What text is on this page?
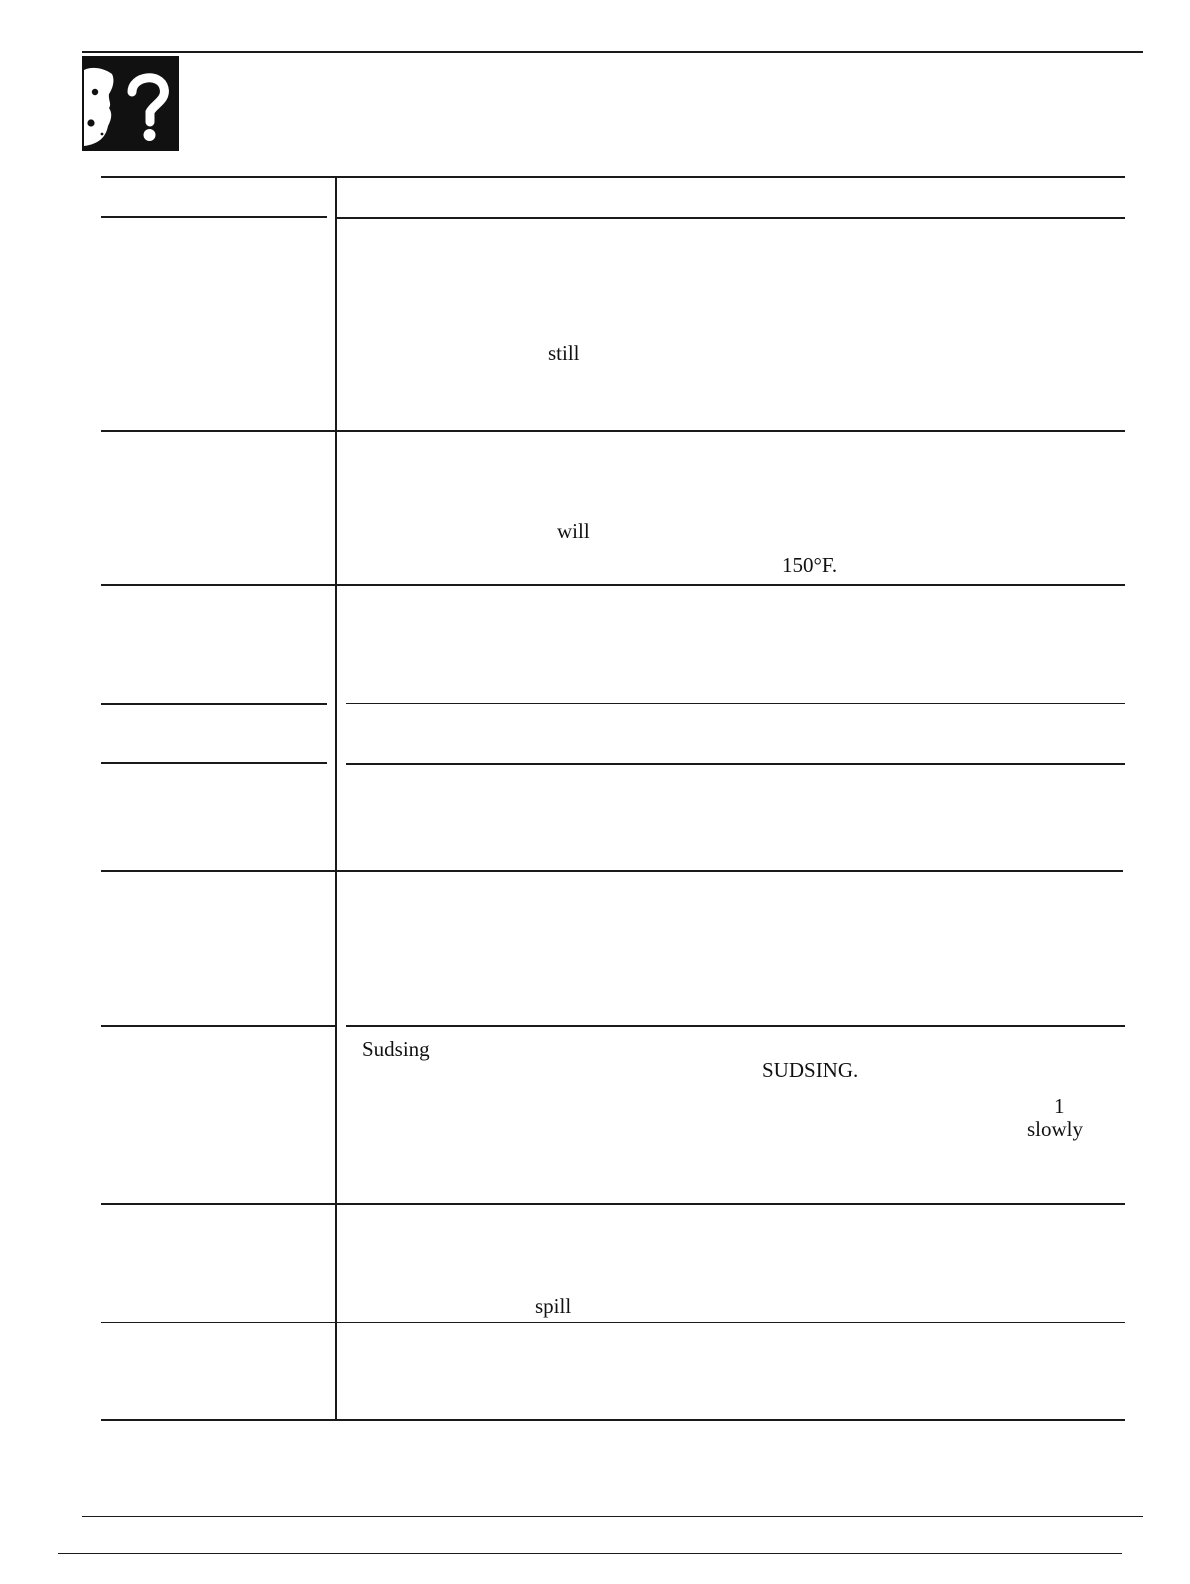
still
will
150°F.
Sudsing
SUDSING.
1
slowly
spill
